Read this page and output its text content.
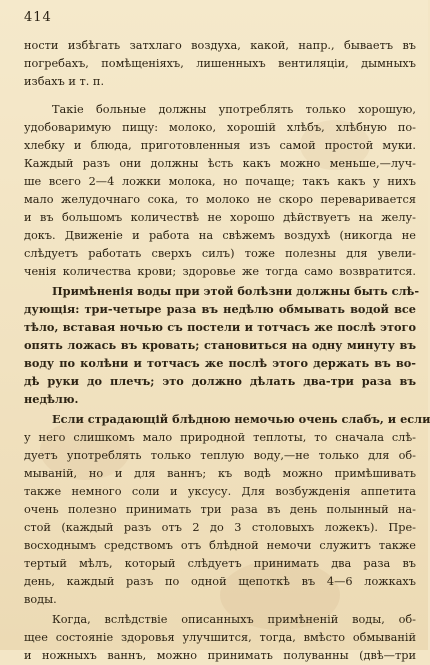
414
ности избѣгать затхлаго воздуха, какой, напр., бываетъ въ
погребахъ, помѣщеніяхъ, лишенныхъ вентиляціи, дымныхъ
избахъ и т. п.
Такіе больные должны употреблять только хорошую,
удобоваримую пищу: молоко, хорошій хлѣбъ, хлѣбную по-
хлебку и блюда, приготовленныя изъ самой простой муки.
Каждый разъ они должны ѣсть какъ можно меньше,—луч-
ше всего 2—4 ложки молока, но почаще; такъ какъ у нихъ
мало желудочнаго сока, то молоко не скоро переваривается
и въ большомъ количествѣ не хорошо дѣйствуетъ на желу-
докъ. Движеніе и работа на свѣжемъ воздухѣ (никогда не
слѣдуетъ работать сверхъ силъ) тоже полезны для увели-
ченія количества крови; здоровье же тогда само возвратится.
Примѣненія воды при этой болѣзни должны быть слѣ-
дующія: три-четыре раза въ недѣлю обмывать водой все
тѣло, вставая ночью съ постели и тотчасъ же послѣ этого
опять ложась въ кровать; становиться на одну минуту въ
воду по колѣни и тотчасъ же послѣ этого держать въ во-
дѣ руки до плечъ; это должно дѣлать два-три раза въ
недѣлю.
Если страдающій блѣдною немочью очень слабъ, и если
у него слишкомъ мало природной теплоты, то сначала слѣ-
дуетъ употреблять только теплую воду,—не только для об-
мываній, но и для ваннъ; къ водѣ можно примѣшивать
также немного соли и уксусу. Для возбужденія аппетита
очень полезно принимать три раза въ день полынный на-
стой (каждый разъ отъ 2 до 3 столовыхъ ложекъ). Пре-
восходнымъ средствомъ отъ блѣдной немочи служитъ также
тертый мѣлъ, который слѣдуетъ принимать два раза въ
день, каждый разъ по одной щепоткѣ въ 4—6 ложкахъ
воды.
Когда, вслѣдствіе описанныхъ примѣненій воды, об-
щее состояніе здоровья улучшится, тогда, вмѣсто обмываній
и ножныхъ ваннъ, можно принимать полуванны (двѣ—три
